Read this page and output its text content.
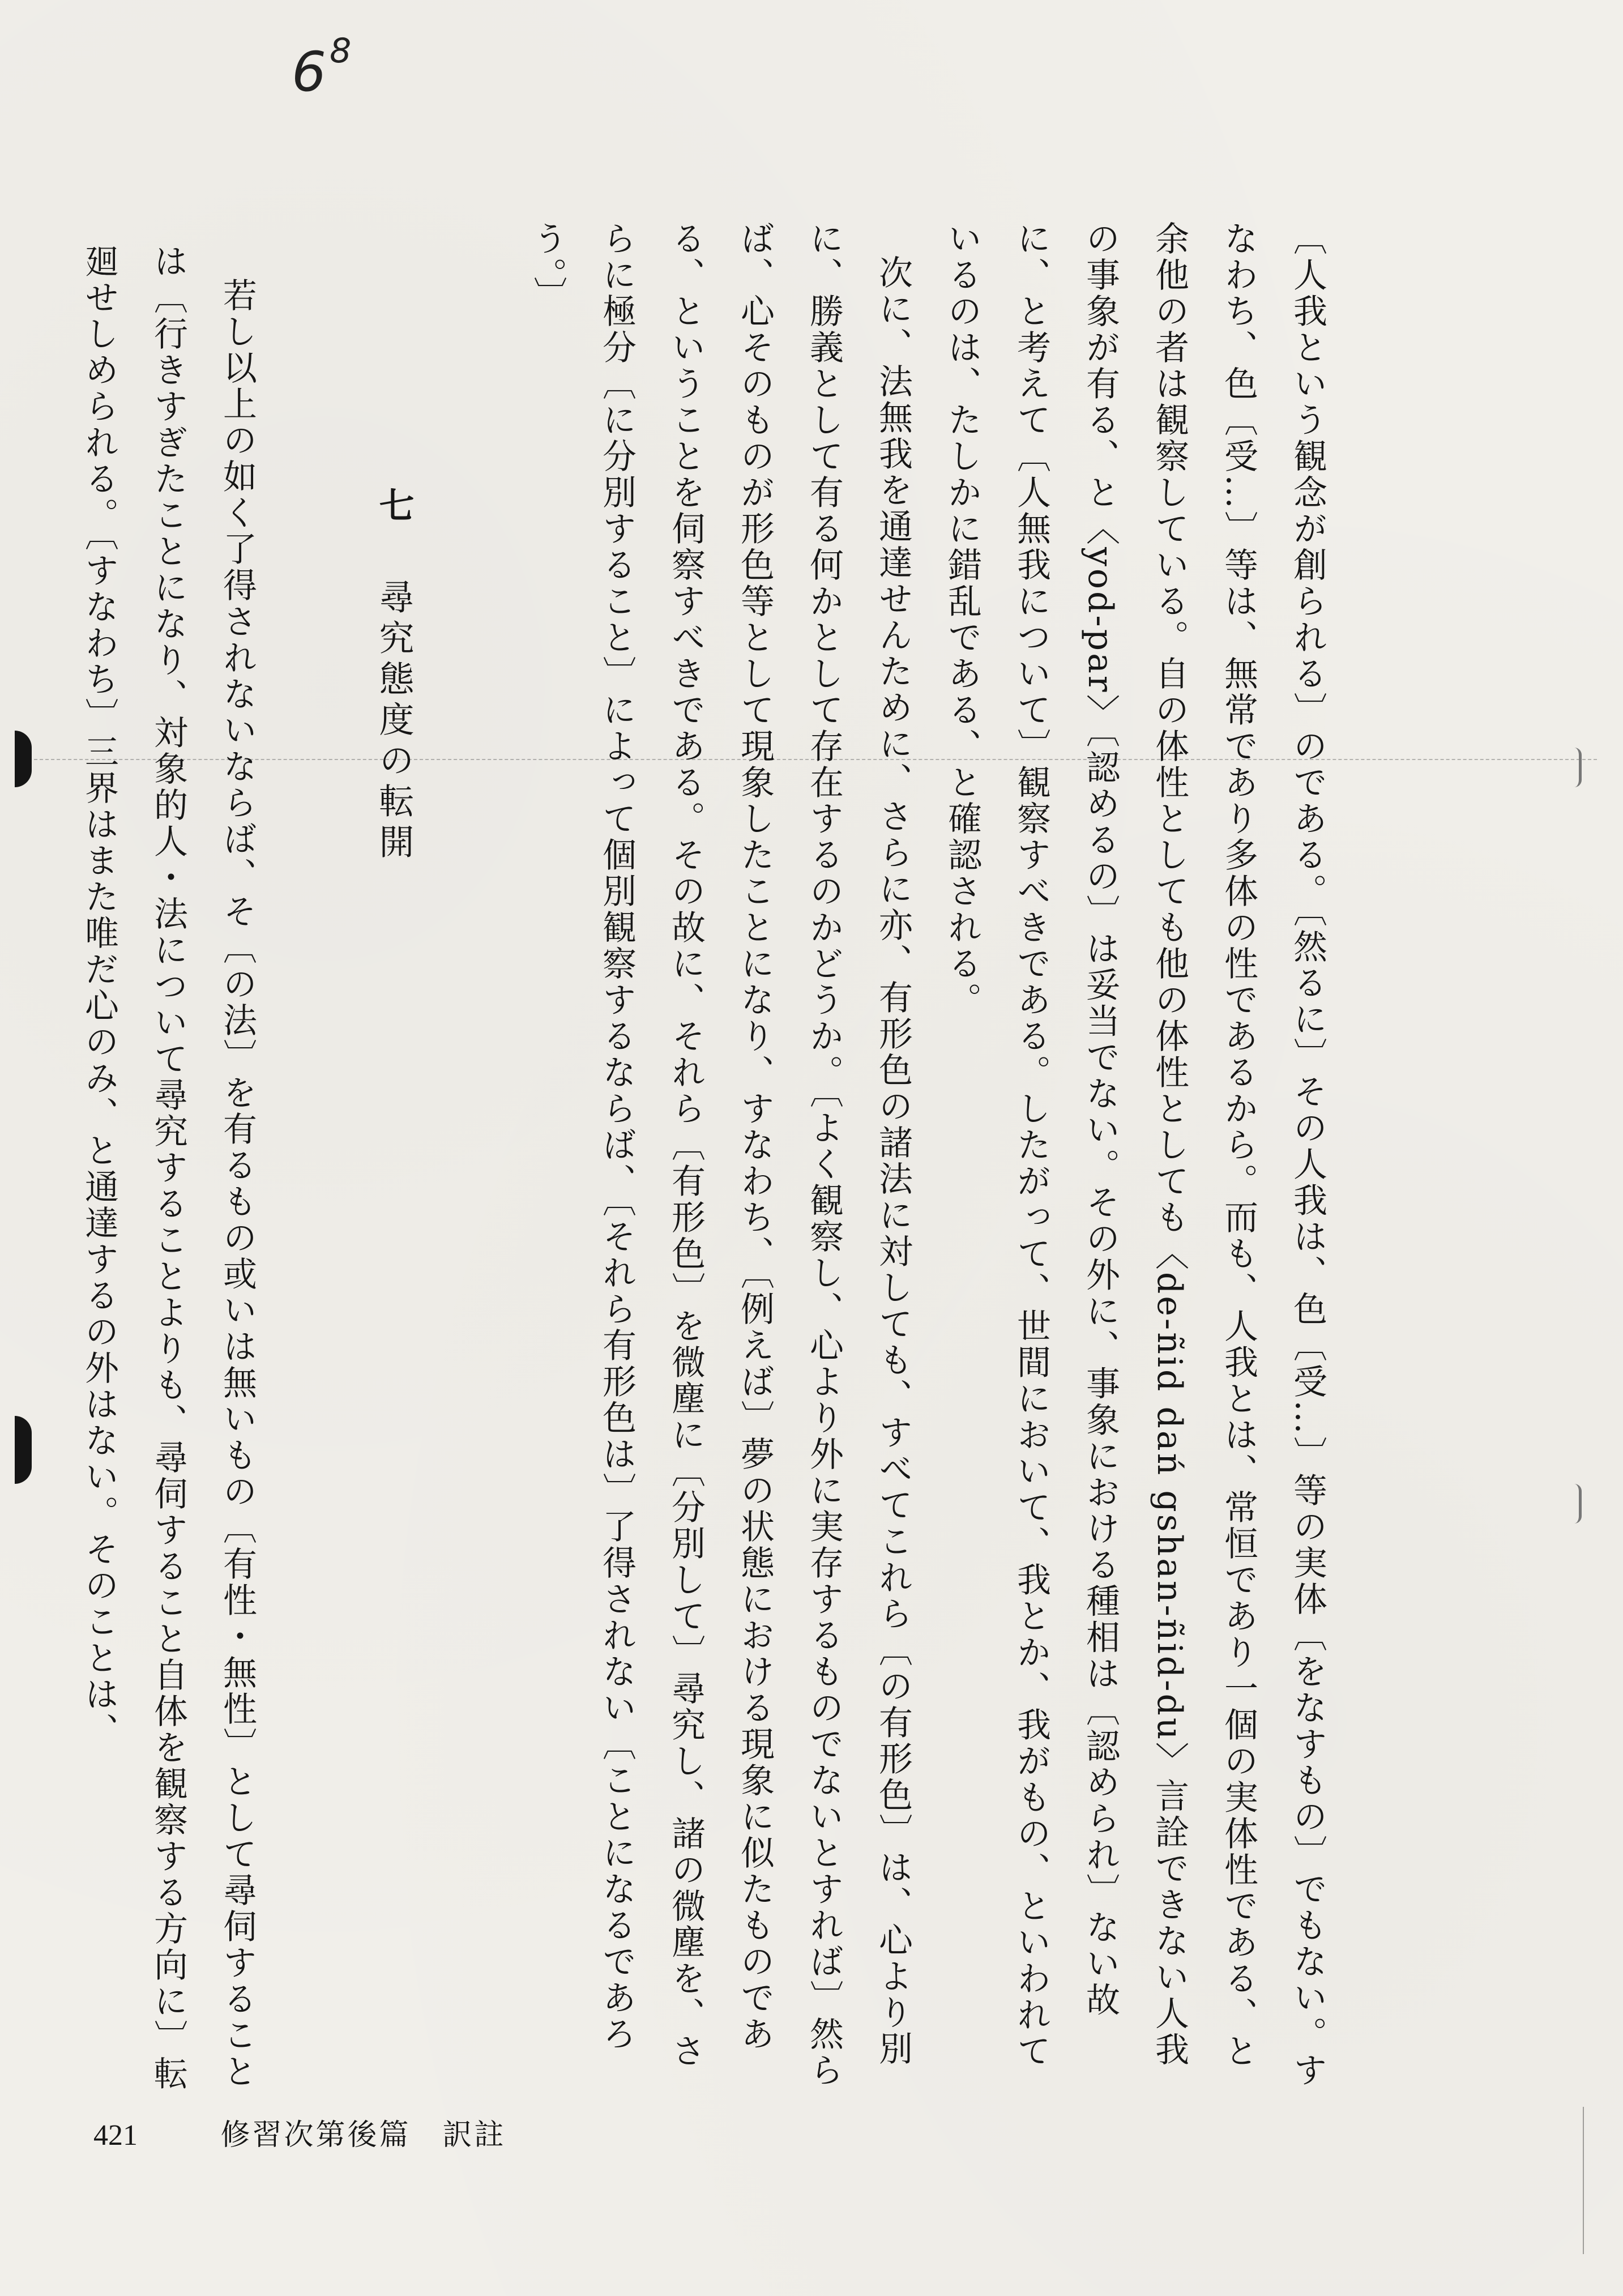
6 $^8$

〔人我という観念が創られる〕のである。〔然るに〕その人我は、色〔受…〕等の実体〔をなすもの〕でもない。すなわち、色〔受…〕等は、無常であり多体の性であるから。而も、人我とは、常恒であり一個の実体性である、と余他の者は観察している。自の体性としても他の体性としても〈de-ñid dań gshan-ñid-du〉言詮できない人我の事象が有る、と〈yod-par〉〔認めるの〕は妥当でない。その外に、事象における種相は〔認められ〕ない故に、と考えて〔人無我について〕観察すべきである。したがって、世間において、我とか、我がもの、といわれているのは、たしかに錯乱である、と確認される。

次に、法無我を通達せんために、さらに亦、有形色の諸法に対しても、すべてこれら〔の有形色〕は、心より別に、勝義として有る何かとして存在するのかどうか。〔よく観察し、心より外に実存するものでないとすれば〕然らば、心そのものが形色等として現象したことになり、すなわち、〔例えば〕夢の状態における現象に似たものである、ということを伺察すべきである。その故に、それら〔有形色〕を微塵に〔分別して〕尋究し、諸の微塵を、さらに極分〔に分別すること〕によって個別観察するならば、〔それら有形色は〕了得されない〔ことになるであろう。〕

七 尋究態度の転開

若し以上の如く了得されないならば、そ〔の法〕を有るもの或いは無いもの〔有性・無性〕として尋伺することは〔行きすぎたことになり、対象的人・法について尋究することよりも、尋伺すること自体を観察する方向に〕転廻せしめられる。〔すなわち〕三界はまた唯だ心のみ、と通達するの外はない。そのことは、

421	修習次第後篇　訳註
